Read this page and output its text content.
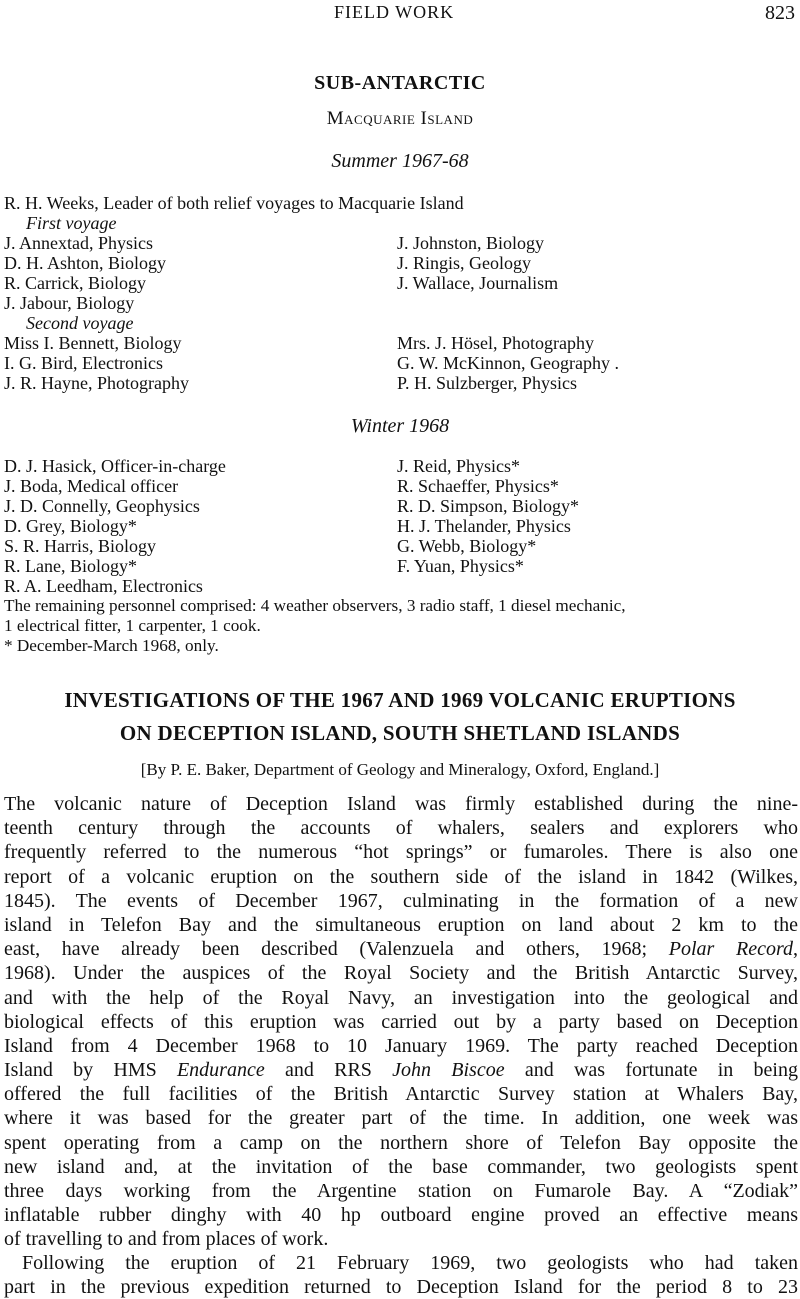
FIELD WORK	823
SUB-ANTARCTIC
Macquarie Island
Summer 1967-68
R. H. Weeks, Leader of both relief voyages to Macquarie Island
First voyage
J. Annextad, Physics
D. H. Ashton, Biology
R. Carrick, Biology
J. Jabour, Biology
J. Johnston, Biology
J. Ringis, Geology
J. Wallace, Journalism
Second voyage
Miss I. Bennett, Biology
I. G. Bird, Electronics
J. R. Hayne, Photography
Mrs. J. Hösel, Photography
G. W. McKinnon, Geography .
P. H. Sulzberger, Physics
Winter 1968
D. J. Hasick, Officer-in-charge
J. Boda, Medical officer
J. D. Connelly, Geophysics
D. Grey, Biology*
S. R. Harris, Biology
R. Lane, Biology*
R. A. Leedham, Electronics
J. Reid, Physics*
R. Schaeffer, Physics*
R. D. Simpson, Biology*
H. J. Thelander, Physics
G. Webb, Biology*
F. Yuan, Physics*
The remaining personnel comprised: 4 weather observers, 3 radio staff, 1 diesel mechanic,
1 electrical fitter, 1 carpenter, 1 cook.
* December-March 1968, only.
INVESTIGATIONS OF THE 1967 AND 1969 VOLCANIC ERUPTIONS
ON DECEPTION ISLAND, SOUTH SHETLAND ISLANDS
[By P. E. Baker, Department of Geology and Mineralogy, Oxford, England.]
The volcanic nature of Deception Island was firmly established during the nine-
teenth century through the accounts of whalers, sealers and explorers who
frequently referred to the numerous “hot springs” or fumaroles. There is also one
report of a volcanic eruption on the southern side of the island in 1842 (Wilkes,
1845). The events of December 1967, culminating in the formation of a new
island in Telefon Bay and the simultaneous eruption on land about 2 km to the
east, have already been described (Valenzuela and others, 1968; Polar Record,
1968). Under the auspices of the Royal Society and the British Antarctic Survey,
and with the help of the Royal Navy, an investigation into the geological and
biological effects of this eruption was carried out by a party based on Deception
Island from 4 December 1968 to 10 January 1969. The party reached Deception
Island by HMS Endurance and RRS John Biscoe and was fortunate in being
offered the full facilities of the British Antarctic Survey station at Whalers Bay,
where it was based for the greater part of the time. In addition, one week was
spent operating from a camp on the northern shore of Telefon Bay opposite the
new island and, at the invitation of the base commander, two geologists spent
three days working from the Argentine station on Fumarole Bay. A “Zodiak”
inflatable rubber dinghy with 40 hp outboard engine proved an effective means
of travelling to and from places of work.
Following the eruption of 21 February 1969, two geologists who had taken
part in the previous expedition returned to Deception Island for the period 8 to 23
